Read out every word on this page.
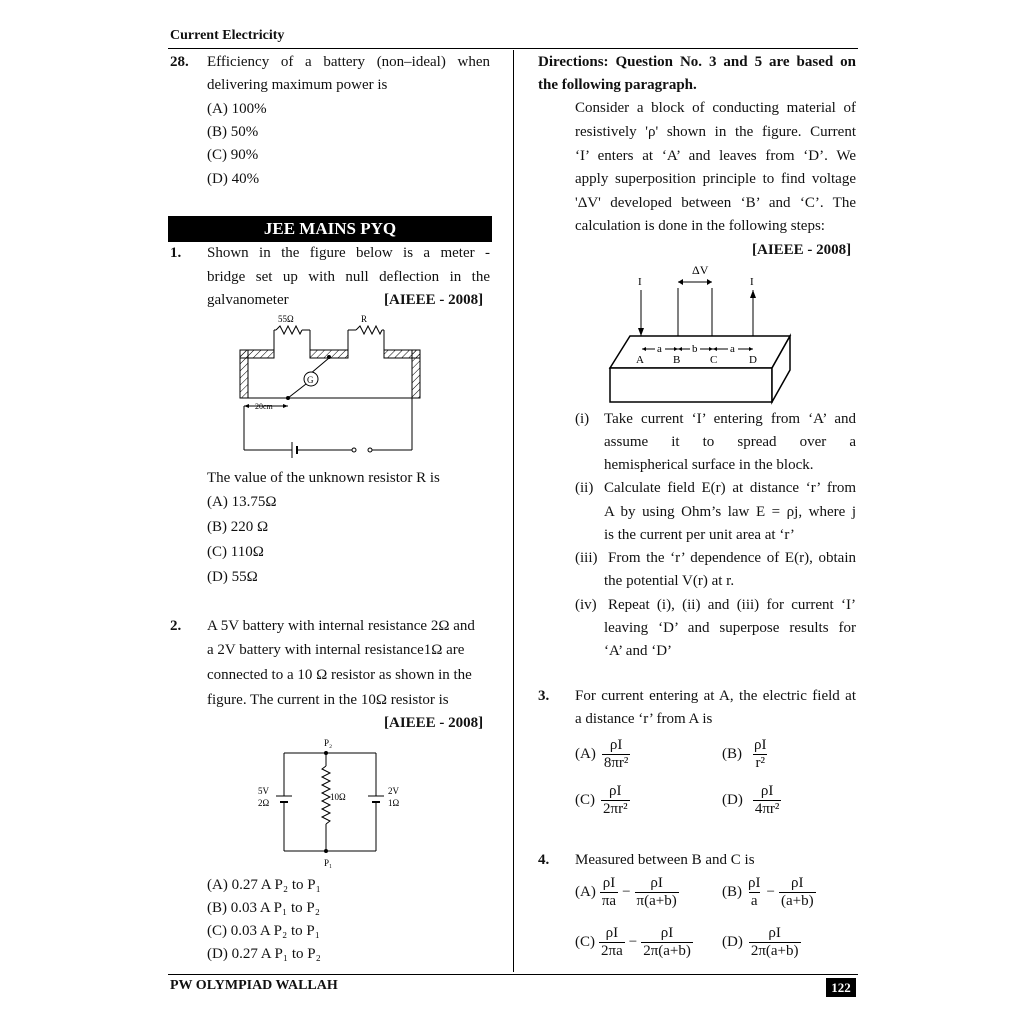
Current Electricity
28. Efficiency of a battery (non–ideal) when
delivering maximum power is
(A) 100%
(B) 50%
(C) 90%
(D) 40%
JEE MAINS PYQ
1. Shown in the figure below is a meter -
bridge set up with null deflection in the
galvanometer	[AIEEE - 2008]
55Ω	R
G
20cm
The value of the unknown resistor R is
(A) 13.75Ω
(B) 220 Ω
(C) 110Ω
(D) 55Ω
2. A 5V battery with internal resistance 2Ω and
a 2V battery with internal resistance1Ω are
connected to a 10 Ω resistor as shown in the
figure. The current in the 10Ω resistor is
[AIEEE - 2008]
P₂
P₁
5V
2Ω
10Ω
2V
1Ω
(A) 0.27 A P₂ to P₁
(B) 0.03 A P₁ to P₂
(C) 0.03 A P₂ to P₁
(D) 0.27 A P₁ to P₂
Directions: Question No. 3 and 5 are based on
the following paragraph.
Consider a block of conducting material of
resistively 'ρ' shown in the figure. Current
‘I’ enters at ‘A’ and leaves from ‘D’. We
apply superposition principle to find voltage
'ΔV' developed between ‘B’ and ‘C’. The
calculation is done in the following steps:
[AIEEE - 2008]
ΔV
I	I
a	b	a
A	B	C	D
(i) Take current ‘I’ entering from ‘A’ and
assume it to spread over a
hemispherical surface in the block.
(ii) Calculate field E(r) at distance ‘r’ from
A by using Ohm’s law E = ρj, where j
is the current per unit area at ‘r’
(iii) From the ‘r’ dependence of E(r), obtain
the potential V(r) at r.
(iv) Repeat (i), (ii) and (iii) for current ‘I’
leaving ‘D’ and superpose results for
‘A’ and ‘D’
3. For current entering at A, the electric field at
a distance ‘r’ from A is
$(A) \frac{\rho I}{\text{8πr²}}$	$(B) \frac{\rho I}{\text{r²}}$
$(C) \frac{\rho I}{\text{2πr²}}$	$(D) \frac{\rho I}{\text{4πr²}}$
4. Measured between B and C is
$(A) \frac{\rho I}{\pi a} - \frac{\rho I}{\pi(a+b)}$	$(B) \frac{\rho I}{a} - \frac{\rho I}{(a+b)}$
$(C) \frac{\rho I}{2\pi a} - \frac{\rho I}{2\pi(a+b)} (D) \frac{\rho I}{2\pi(a+b)}$
PW OLYMPIAD WALLAH	122
